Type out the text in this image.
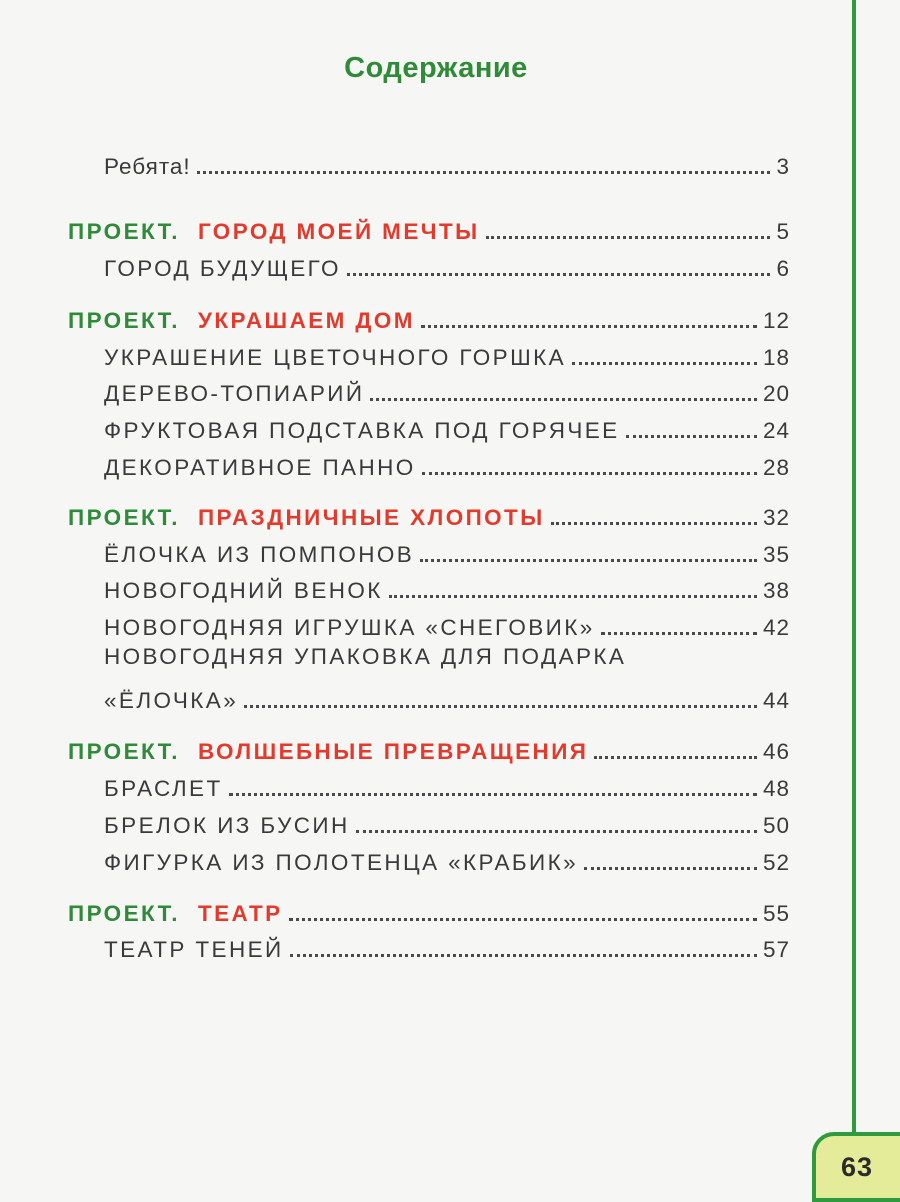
Содержание
Ребята!	3
ПРОЕКТ. ГОРОД МОЕЙ МЕЧТЫ	5
ГОРОД БУДУЩЕГО	6
ПРОЕКТ. УКРАШАЕМ ДОМ	12
УКРАШЕНИЕ ЦВЕТОЧНОГО ГОРШКА	18
ДЕРЕВО-ТОПИАРИЙ	20
ФРУКТОВАЯ ПОДСТАВКА ПОД ГОРЯЧЕЕ	24
ДЕКОРАТИВНОЕ ПАННО	28
ПРОЕКТ. ПРАЗДНИЧНЫЕ ХЛОПОТЫ	32
ЁЛОЧКА ИЗ ПОМПОНОВ	35
НОВОГОДНИЙ ВЕНОК	38
НОВОГОДНЯЯ ИГРУШКА «СНЕГОВИК»	42
НОВОГОДНЯЯ УПАКОВКА ДЛЯ ПОДАРКА
«ЁЛОЧКА»	44
ПРОЕКТ. ВОЛШЕБНЫЕ ПРЕВРАЩЕНИЯ	46
БРАСЛЕТ	48
БРЕЛОК ИЗ БУСИН	50
ФИГУРКА ИЗ ПОЛОТЕНЦА «КРАБИК»	52
ПРОЕКТ. ТЕАТР	55
ТЕАТР ТЕНЕЙ	57
63
